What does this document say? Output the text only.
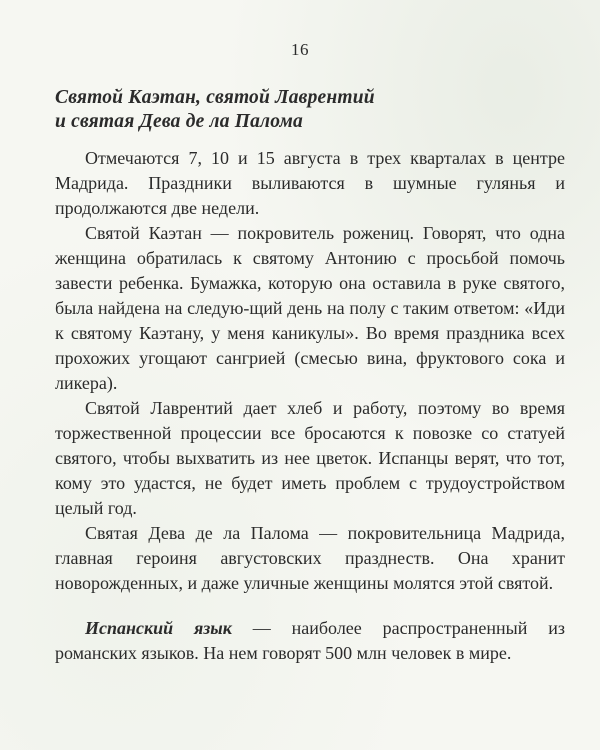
16
Святой Каэтан, святой Лаврентий
и святая Дева де ла Палома

Отмечаются 7, 10 и 15 августа в трех кварталах в центре Мадрида. Праздники выливаются в шумные гулянья и продолжаются две недели.

Святой Каэтан — покровитель рожениц. Говорят, что одна женщина обратилась к святому Антонию с просьбой помочь завести ребенка. Бумажка, которую она оставила в руке святого, была найдена на следую-щий день на полу с таким ответом: «Иди к святому Каэтану, у меня каникулы». Во время праздника всех прохожих угощают сангрией (смесью вина, фруктового сока и ликера).

Святой Лаврентий дает хлеб и работу, поэтому во время торжественной процессии все бросаются к повозке со статуей святого, чтобы выхватить из нее цветок. Испанцы верят, что тот, кому это удастся, не будет иметь проблем с трудоустройством целый год.

Святая Дева де ла Палома — покровительница Мадрида, главная героиня августовских празднеств. Она хранит новорожденных, и даже уличные женщины молятся этой святой.

Испанский язык — наиболее распространенный из романских языков. На нем говорят 500 млн человек в мире.
